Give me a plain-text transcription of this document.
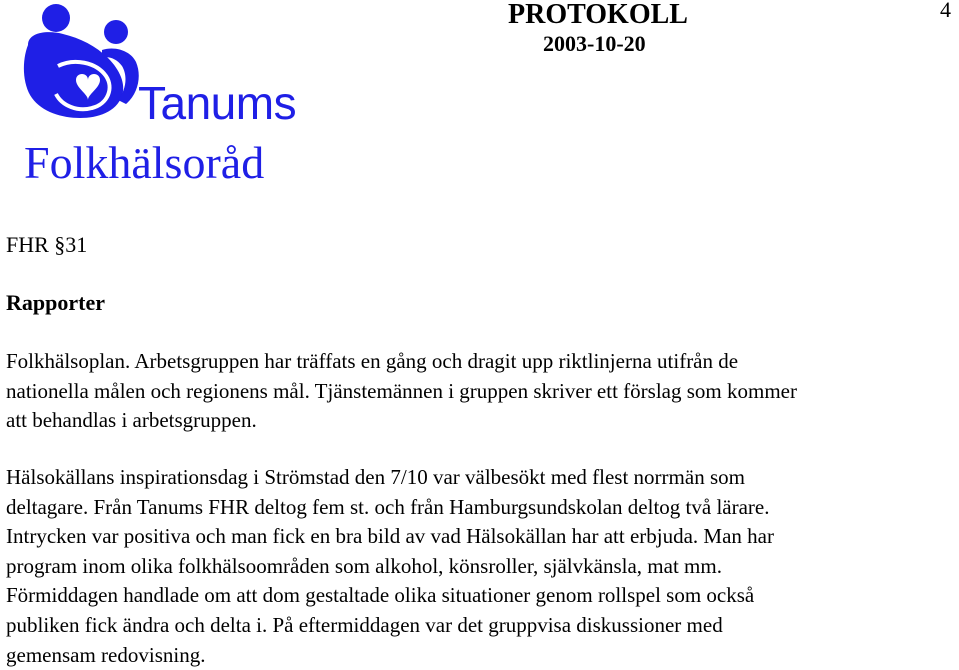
Tanums
Folkhälsoråd
PROTOKOLL
2003-10-20
4
FHR §31
Rapporter

Folkhälsoplan. Arbetsgruppen har träffats en gång och dragit upp riktlinjerna utifrån de
nationella målen och regionens mål. Tjänstemännen i gruppen skriver ett förslag som kommer
att behandlas i arbetsgruppen.

Hälsokällans inspirationsdag i Strömstad den 7/10 var välbesökt med flest norrmän som
deltagare. Från Tanums FHR deltog fem st. och från Hamburgsundskolan deltog två lärare.
Intrycken var positiva och man fick en bra bild av vad Hälsokällan har att erbjuda. Man har
program inom olika folkhälsoområden som alkohol, könsroller, självkänsla, mat mm.
Förmiddagen handlade om att dom gestaltade olika situationer genom rollspel som också
publiken fick ändra och delta i. På eftermiddagen var det gruppvisa diskussioner med
gemensam redovisning.
